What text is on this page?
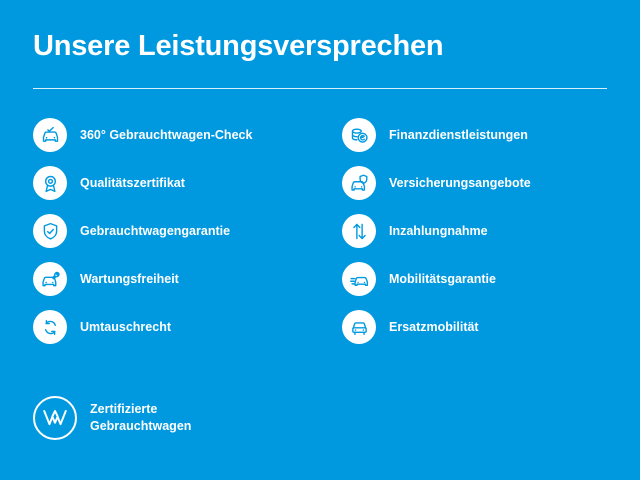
Unsere Leistungsversprechen
360° Gebrauchtwagen-Check
Qualitätszertifikat
Gebrauchtwagengarantie
Wartungsfreiheit
Umtauschrecht
Finanzdienstleistungen
Versicherungsangebote
Inzahlungnahme
Mobilitätsgarantie
Ersatzmobilität
Zertifizierte
Gebrauchtwagen
